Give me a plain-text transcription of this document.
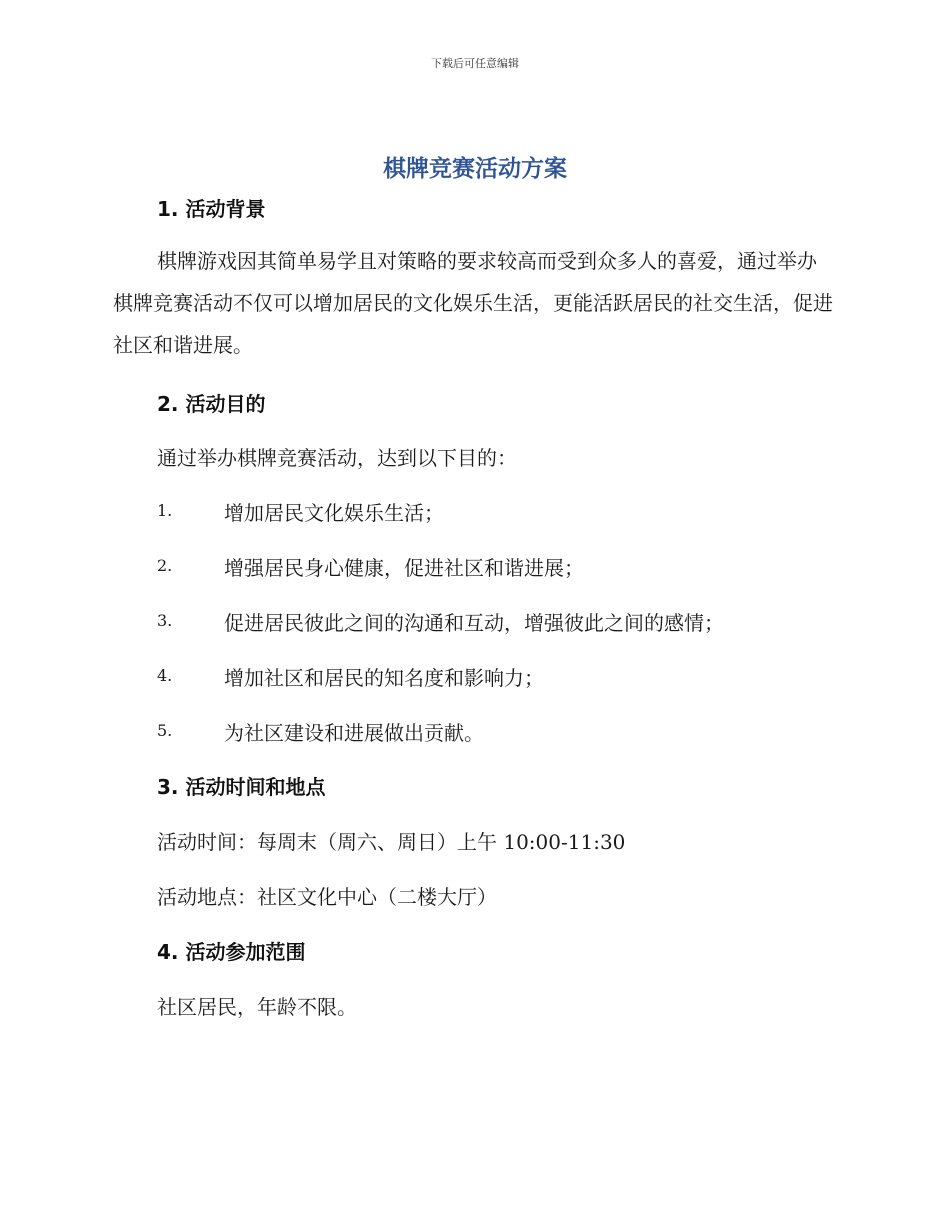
下载后可任意编辑
棋牌竞赛活动方案
1. 活动背景
棋牌游戏因其简单易学且对策略的要求较高而受到众多人的喜爱，通过举办棋牌竞赛活动不仅可以增加居民的文化娱乐生活，更能活跃居民的社交生活，促进社区和谐进展。
2. 活动目的
通过举办棋牌竞赛活动，达到以下目的：
1.	增加居民文化娱乐生活；
2.	增强居民身心健康，促进社区和谐进展；
3.	促进居民彼此之间的沟通和互动，增强彼此之间的感情；
4.	增加社区和居民的知名度和影响力；
5.	为社区建设和进展做出贡献。
3. 活动时间和地点
活动时间：每周末（周六、周日）上午 10:00-11:30
活动地点：社区文化中心（二楼大厅）
4. 活动参加范围
社区居民，年龄不限。
